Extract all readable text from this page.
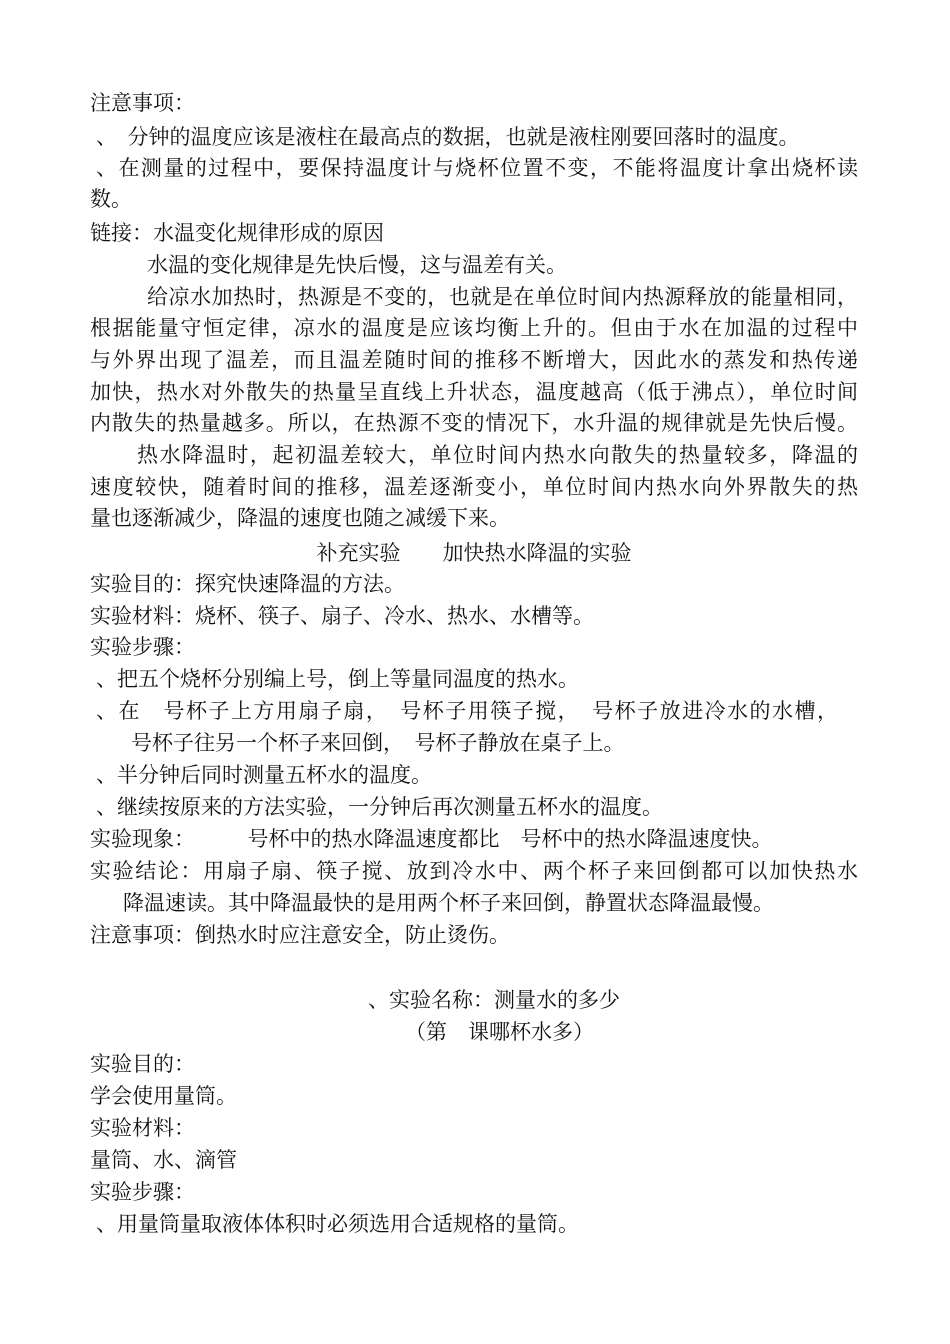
注意事项：
、　分钟的温度应该是液柱在最高点的数据，也就是液柱刚要回落时的温度。
、在测量的过程中，要保持温度计与烧杯位置不变，不能将温度计拿出烧杯读
数。
链接：水温变化规律形成的原因
水温的变化规律是先快后慢，这与温差有关。
给凉水加热时，热源是不变的，也就是在单位时间内热源释放的能量相同，
根据能量守恒定律，凉水的温度是应该均衡上升的。但由于水在加温的过程中
与外界出现了温差，而且温差随时间的推移不断增大，因此水的蒸发和热传递
加快，热水对外散失的热量呈直线上升状态，温度越高（低于沸点），单位时间
内散失的热量越多。所以，在热源不变的情况下，水升温的规律就是先快后慢。
热水降温时，起初温差较大，单位时间内热水向散失的热量较多，降温的
速度较快，随着时间的推移，温差逐渐变小，单位时间内热水向外界散失的热
量也逐渐减少，降温的速度也随之减缓下来。
补充实验　　加快热水降温的实验
实验目的：探究快速降温的方法。
实验材料：烧杯、筷子、扇子、冷水、热水、水槽等。
实验步骤：
、把五个烧杯分别编上号，倒上等量同温度的热水。
、在　号杯子上方用扇子扇，　号杯子用筷子搅，　号杯子放进冷水的水槽，
　号杯子往另一个杯子来回倒，　号杯子静放在桌子上。
、半分钟后同时测量五杯水的温度。
、继续按原来的方法实验，一分钟后再次测量五杯水的温度。
实验现象：　　　号杯中的热水降温速度都比　号杯中的热水降温速度快。
实验结论：用扇子扇、筷子搅、放到冷水中、两个杯子来回倒都可以加快热水
降温速读。其中降温最快的是用两个杯子来回倒，静置状态降温最慢。
注意事项：倒热水时应注意安全，防止烫伤。
、实验名称：测量水的多少
（第　课哪杯水多）
实验目的：
学会使用量筒。
实验材料：
量筒、水、滴管
实验步骤：
、用量筒量取液体体积时必须选用合适规格的量筒。
